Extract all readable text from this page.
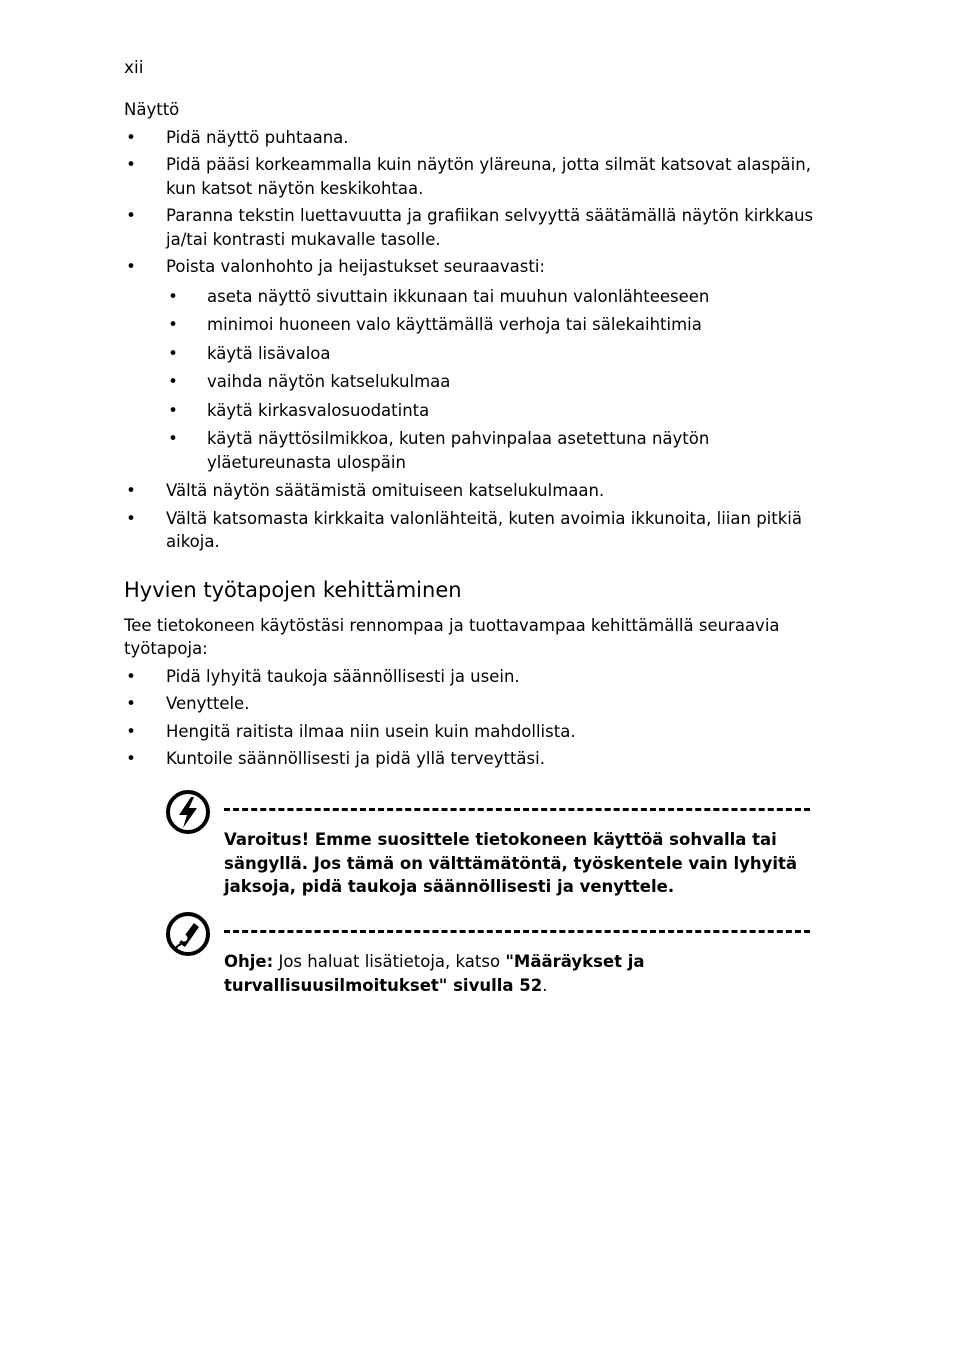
xii
Näyttö
• Pidä näyttö puhtaana.
• Pidä pääsi korkeammalla kuin näytön yläreuna, jotta silmät katsovat alaspäin, kun katsot näytön keskikohtaa.
• Paranna tekstin luettavuutta ja grafiikan selvyyttä säätämällä näytön kirkkaus ja/tai kontrasti mukavalle tasolle.
• Poista valonhohto ja heijastukset seuraavasti:
• aseta näyttö sivuttain ikkunaan tai muuhun valonlähteeseen
• minimoi huoneen valo käyttämällä verhoja tai sälekaihtimia
• käytä lisävaloa
• vaihda näytön katselukulmaa
• käytä kirkasvalosuodatinta
• käytä näyttösilmikkoa, kuten pahvinpalaa asetettuna näytön yläetureunasta ulospäin
• Vältä näytön säätämistä omituiseen katselukulmaan.
• Vältä katsomasta kirkkaita valonlähteitä, kuten avoimia ikkunoita, liian pitkiä aikoja.
Hyvien työtapojen kehittäminen

Tee tietokoneen käytöstäsi rennompaa ja tuottavampaa kehittämällä seuraavia työtapoja:

• Pidä lyhyitä taukoja säännöllisesti ja usein.
• Venyttele.
• Hengitä raitista ilmaa niin usein kuin mahdollista.
• Kuntoile säännöllisesti ja pidä yllä terveyttäsi.
Varoitus! Emme suosittele tietokoneen käyttöä sohvalla tai sängyllä. Jos tämä on välttämätöntä, työskentele vain lyhyitä jaksoja, pidä taukoja säännöllisesti ja venyttele.
Ohje: Jos haluat lisätietoja, katso "Määräykset ja turvallisuusilmoitukset" sivulla 52.
